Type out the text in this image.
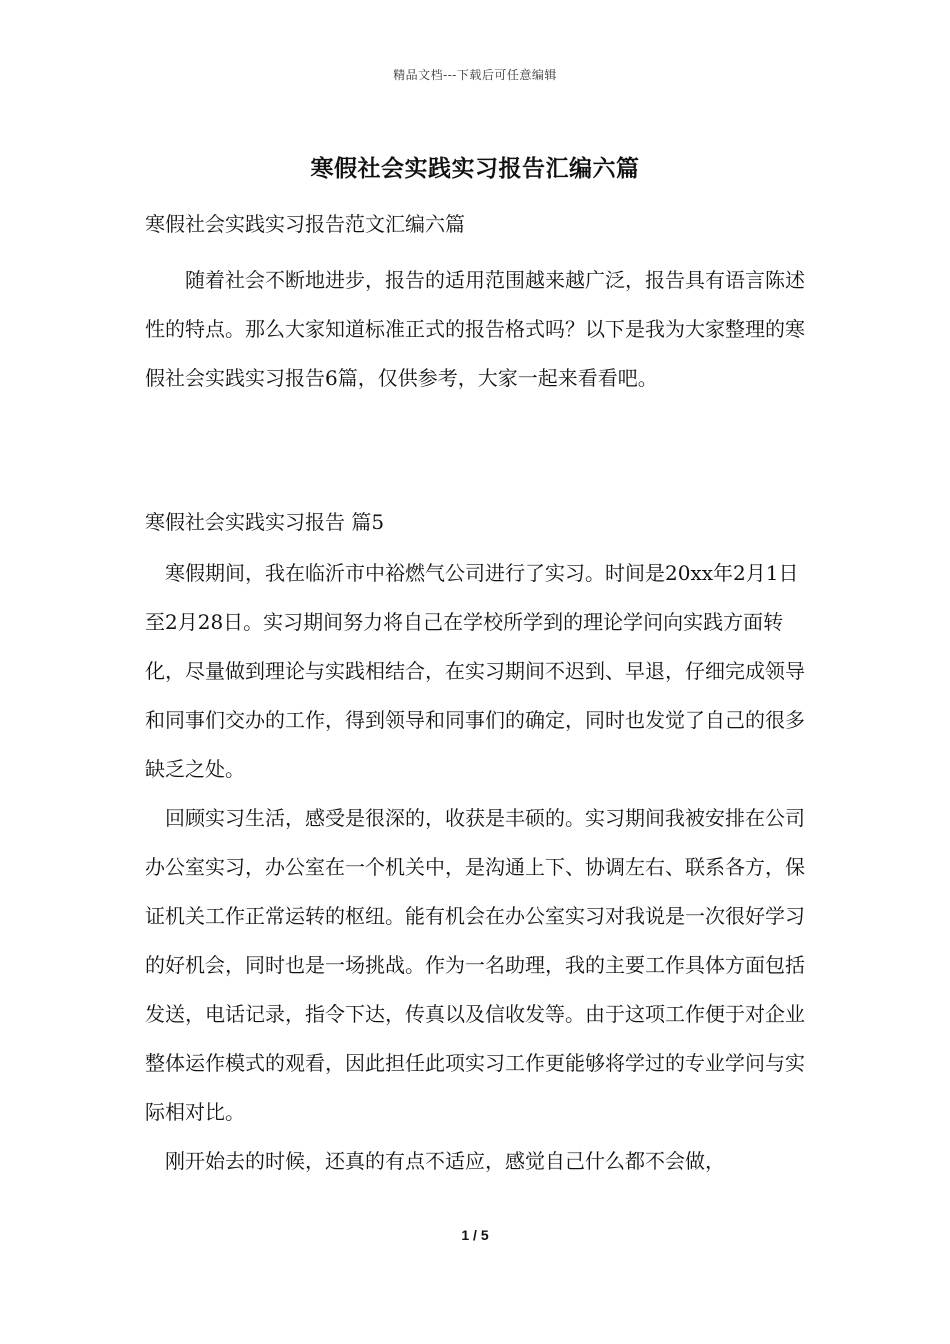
精品文档---下载后可任意编辑
寒假社会实践实习报告汇编六篇
寒假社会实践实习报告范文汇编六篇

随着社会不断地进步，报告的适用范围越来越广泛，报告具有语言陈述性的特点。那么大家知道标准正式的报告格式吗？以下是我为大家整理的寒假社会实践实习报告6篇，仅供参考，大家一起来看看吧。

寒假社会实践实习报告 篇5

寒假期间，我在临沂市中裕燃气公司进行了实习。时间是20xx年2月1日至2月28日。实习期间努力将自己在学校所学到的理论学问向实践方面转化，尽量做到理论与实践相结合，在实习期间不迟到、早退，仔细完成领导和同事们交办的工作，得到领导和同事们的确定，同时也发觉了自己的很多缺乏之处。

回顾实习生活，感受是很深的，收获是丰硕的。实习期间我被安排在公司办公室实习，办公室在一个机关中，是沟通上下、协调左右、联系各方，保证机关工作正常运转的枢纽。能有机会在办公室实习对我说是一次很好学习的好机会，同时也是一场挑战。作为一名助理，我的主要工作具体方面包括发送，电话记录，指令下达，传真以及信收发等。由于这项工作便于对企业整体运作模式的观看，因此担任此项实习工作更能够将学过的专业学问与实际相对比。

刚开始去的时候，还真的有点不适应，感觉自己什么都不会做，

1 / 5
